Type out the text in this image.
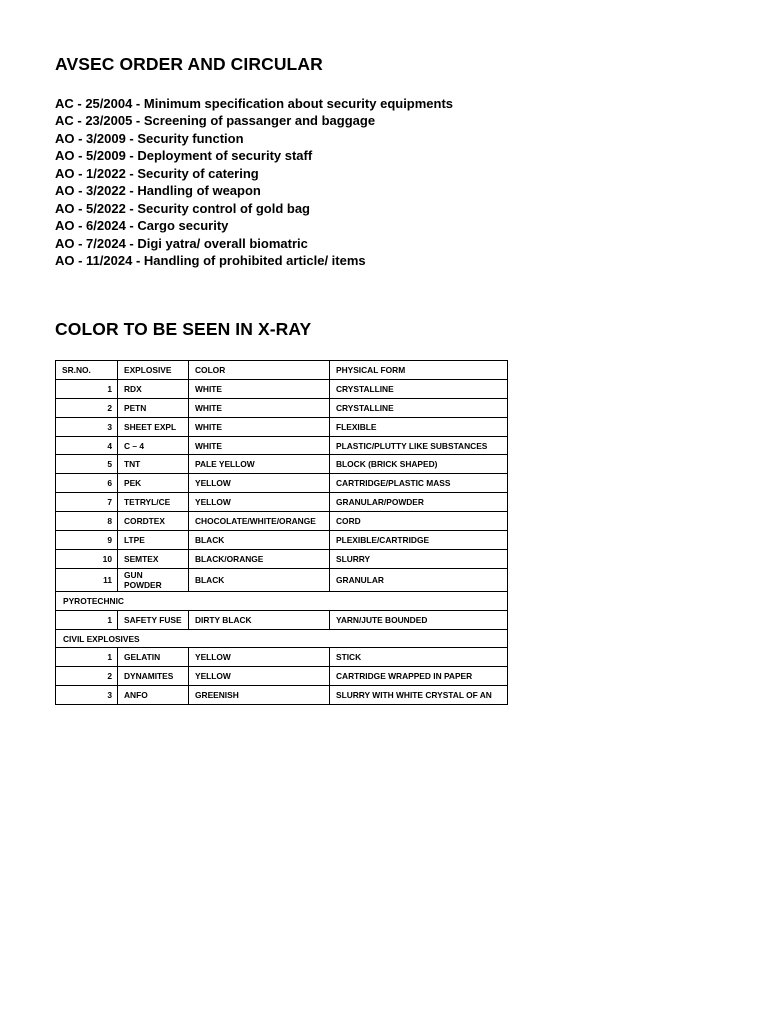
AVSEC ORDER AND CIRCULAR
AC - 25/2004 - Minimum specification about security equipments
AC - 23/2005 - Screening of passanger and baggage
AO - 3/2009 - Security function
AO - 5/2009 - Deployment of security staff
AO - 1/2022 - Security of catering
AO - 3/2022 - Handling of weapon
AO - 5/2022 - Security control of gold bag
AO - 6/2024 - Cargo security
AO - 7/2024 - Digi yatra/ overall biomatric
AO - 11/2024 - Handling of prohibited article/ items
COLOR TO BE SEEN IN X-RAY
SR.NO.	EXPLOSIVE	COLOR	PHYSICAL FORM
1	RDX	WHITE	CRYSTALLINE
2	PETN	WHITE	CRYSTALLINE
3	SHEET EXPL	WHITE	FLEXIBLE
4	C – 4	WHITE	PLASTIC/PLUTTY LIKE SUBSTANCES
5	TNT	PALE YELLOW	BLOCK (BRICK SHAPED)
6	PEK	YELLOW	CARTRIDGE/PLASTIC MASS
7	TETRYL/CE	YELLOW	GRANULAR/POWDER
8	CORDTEX	CHOCOLATE/WHITE/ORANGE	CORD
9	LTPE	BLACK	PLEXIBLE/CARTRIDGE
10	SEMTEX	BLACK/ORANGE	SLURRY
11	GUN POWDER	BLACK	GRANULAR
PYROTECHNIC			
1	SAFETY FUSE	DIRTY BLACK	YARN/JUTE BOUNDED
CIVIL EXPLOSIVES			
1	GELATIN	YELLOW	STICK
2	DYNAMITES	YELLOW	CARTRIDGE WRAPPED IN PAPER
3	ANFO	GREENISH	SLURRY WITH WHITE CRYSTAL OF AN
